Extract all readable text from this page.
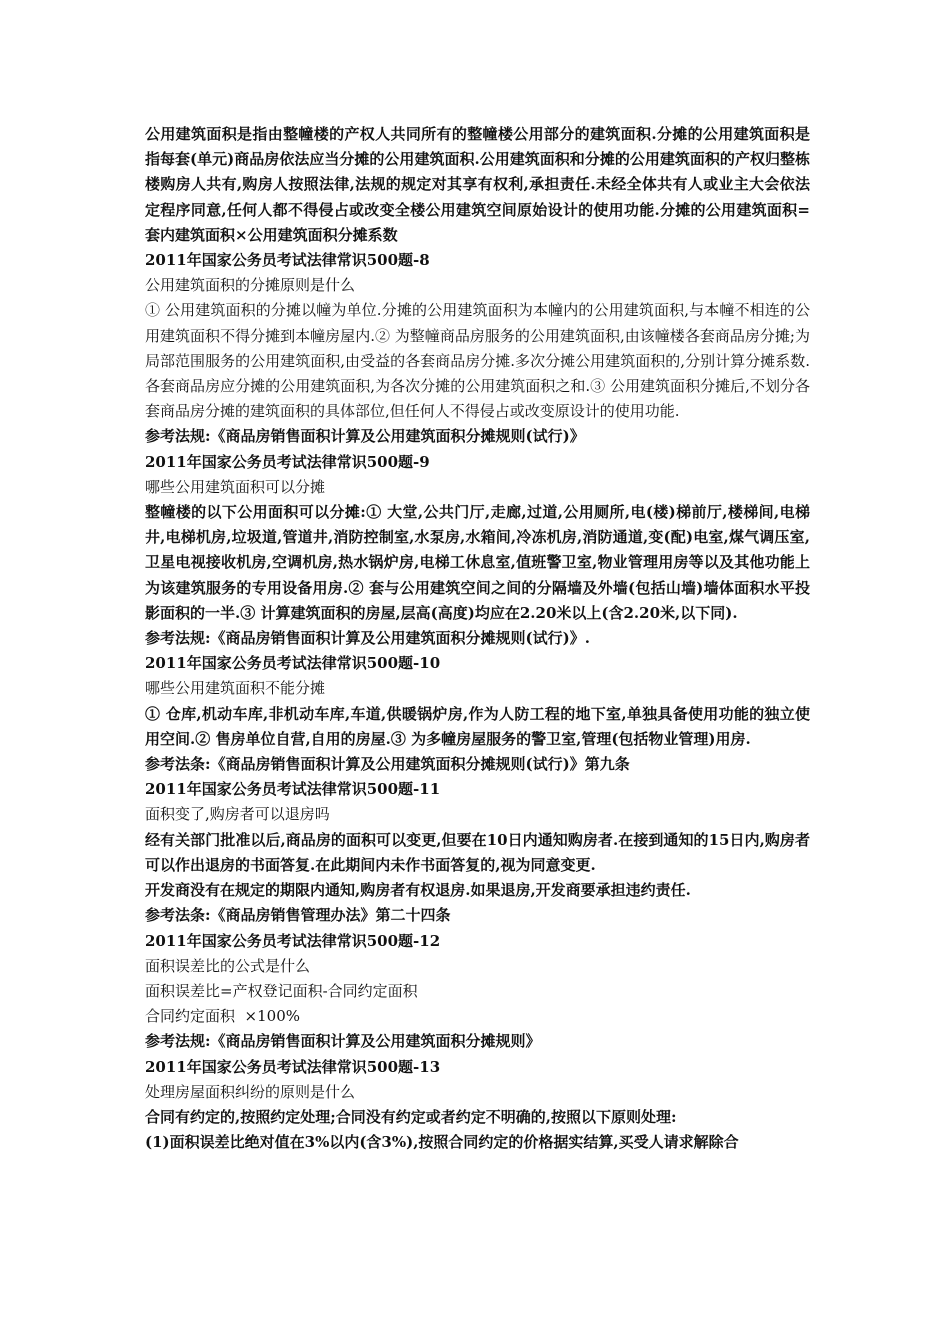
公用建筑面积是指由整幢楼的产权人共同所有的整幢楼公用部分的建筑面积.分摊的公用建筑面积是指每套(单元)商品房依法应当分摊的公用建筑面积.公用建筑面积和分摊的公用建筑面积的产权归整栋楼购房人共有,购房人按照法律,法规的规定对其享有权利,承担责任.未经全体共有人或业主大会依法定程序同意,任何人都不得侵占或改变全楼公用建筑空间原始设计的使用功能.分摊的公用建筑面积=套内建筑面积×公用建筑面积分摊系数

2011年国家公务员考试法律常识500题-8

公用建筑面积的分摊原则是什么

① 公用建筑面积的分摊以幢为单位.分摊的公用建筑面积为本幢内的公用建筑面积,与本幢不相连的公用建筑面积不得分摊到本幢房屋内.② 为整幢商品房服务的公用建筑面积,由该幢楼各套商品房分摊;为局部范围服务的公用建筑面积,由受益的各套商品房分摊.多次分摊公用建筑面积的,分别计算分摊系数.各套商品房应分摊的公用建筑面积,为各次分摊的公用建筑面积之和.③ 公用建筑面积分摊后,不划分各套商品房分摊的建筑面积的具体部位,但任何人不得侵占或改变原设计的使用功能.

参考法规:《商品房销售面积计算及公用建筑面积分摊规则(试行)》

2011年国家公务员考试法律常识500题-9

哪些公用建筑面积可以分摊

整幢楼的以下公用面积可以分摊:① 大堂,公共门厅,走廊,过道,公用厕所,电(楼)梯前厅,楼梯间,电梯井,电梯机房,垃圾道,管道井,消防控制室,水泵房,水箱间,冷冻机房,消防通道,变(配)电室,煤气调压室,卫星电视接收机房,空调机房,热水锅炉房,电梯工休息室,值班警卫室,物业管理用房等以及其他功能上为该建筑服务的专用设备用房.② 套与公用建筑空间之间的分隔墙及外墙(包括山墙)墙体面积水平投影面积的一半.③ 计算建筑面积的房屋,层高(高度)均应在2.20米以上(含2.20米,以下同).

参考法规:《商品房销售面积计算及公用建筑面积分摊规则(试行)》.

2011年国家公务员考试法律常识500题-10

哪些公用建筑面积不能分摊

① 仓库,机动车库,非机动车库,车道,供暖锅炉房,作为人防工程的地下室,单独具备使用功能的独立使用空间.② 售房单位自营,自用的房屋.③ 为多幢房屋服务的警卫室,管理(包括物业管理)用房.

参考法条:《商品房销售面积计算及公用建筑面积分摊规则(试行)》第九条

2011年国家公务员考试法律常识500题-11

面积变了,购房者可以退房吗

经有关部门批准以后,商品房的面积可以变更,但要在10日内通知购房者.在接到通知的15日内,购房者可以作出退房的书面答复.在此期间内未作书面答复的,视为同意变更.

开发商没有在规定的期限内通知,购房者有权退房.如果退房,开发商要承担违约责任.

参考法条:《商品房销售管理办法》第二十四条

2011年国家公务员考试法律常识500题-12

面积误差比的公式是什么

面积误差比=产权登记面积-合同约定面积

合同约定面积  ×100%

参考法规:《商品房销售面积计算及公用建筑面积分摊规则》

2011年国家公务员考试法律常识500题-13

处理房屋面积纠纷的原则是什么

合同有约定的,按照约定处理;合同没有约定或者约定不明确的,按照以下原则处理:

(1)面积误差比绝对值在3%以内(含3%),按照合同约定的价格据实结算,买受人请求解除合
